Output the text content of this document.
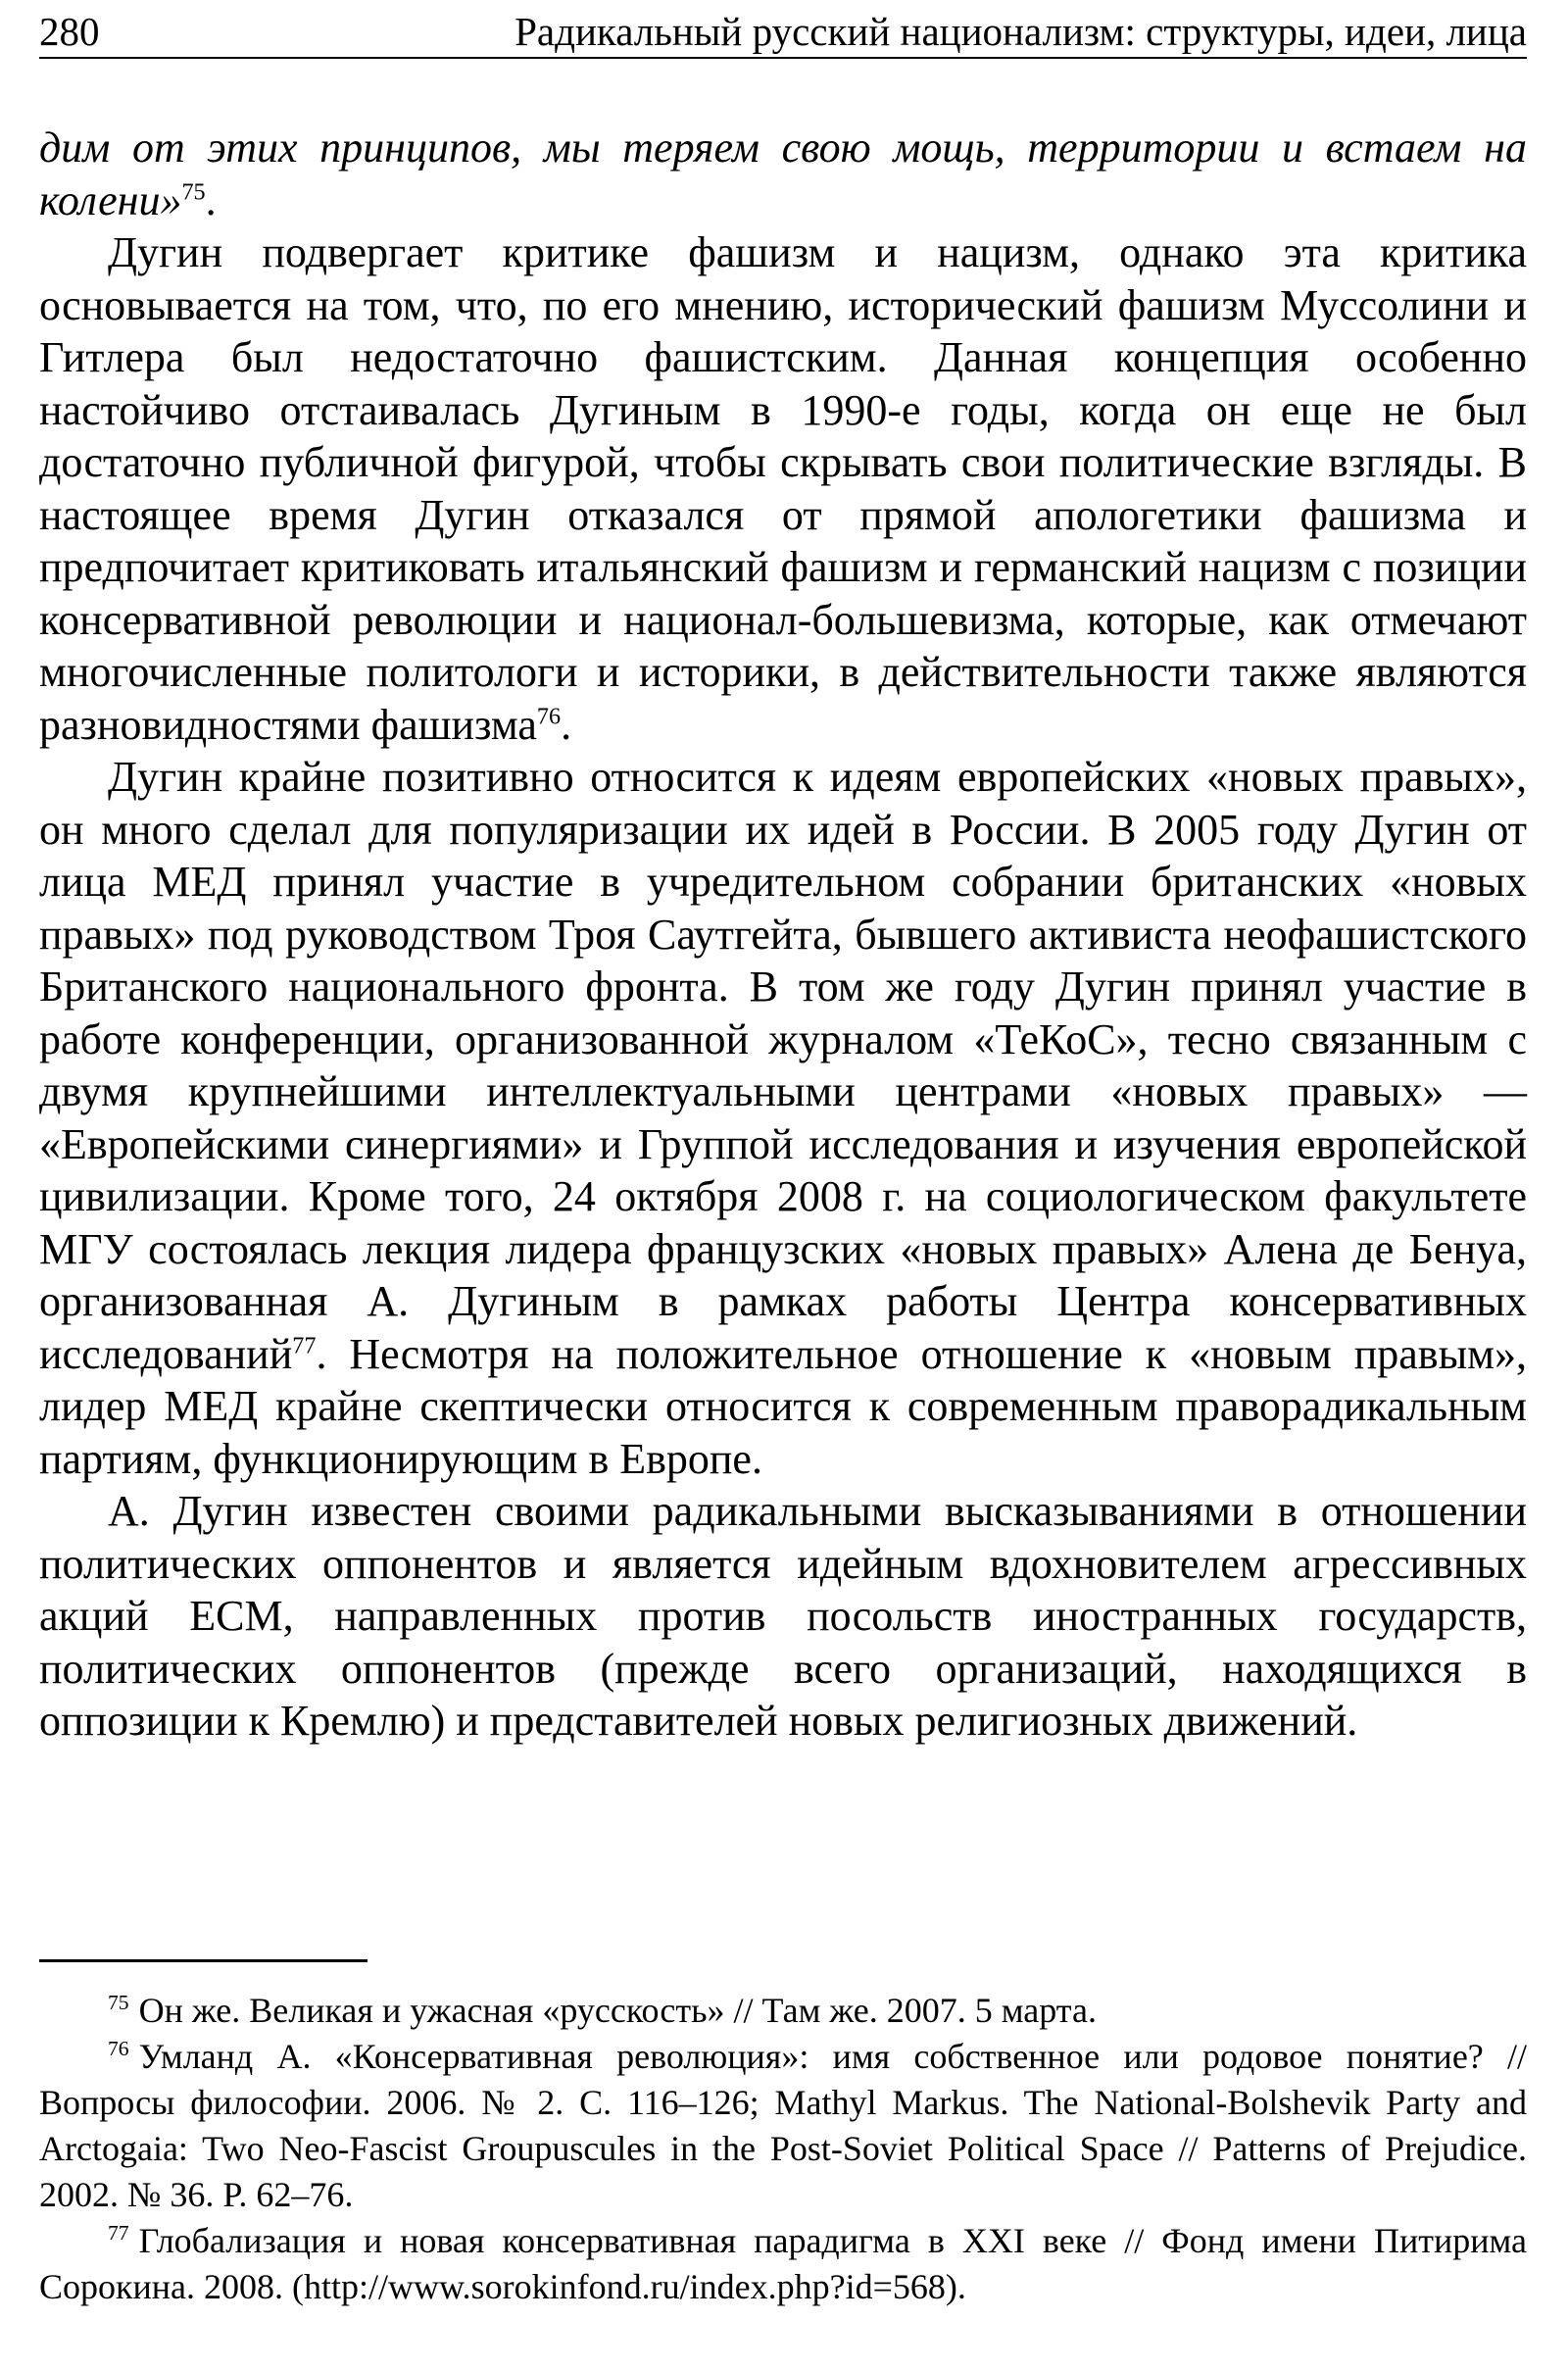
280	Радикальный русский национализм: структуры, идеи, лица

дим от этих принципов, мы теряем свою мощь, территории и встаем на колени»$^{75}$.

Дугин подвергает критике фашизм и нацизм, однако эта критика основывается на том, что, по его мнению, исторический фашизм Муссолини и Гитлера был недостаточно фашистским. Данная концепция особенно настойчиво отстаивалась Дугиным в 1990-е годы, когда он еще не был достаточно публичной фигурой, чтобы скрывать свои политические взгляды. В настоящее время Дугин отказался от прямой апологетики фашизма и предпочитает критиковать итальянский фашизм и германский нацизм с позиции консервативной революции и национал-большевизма, которые, как отмечают многочисленные политологи и историки, в действительности также являются разновидностями фашизма$^{76}$.

Дугин крайне позитивно относится к идеям европейских «новых правых», он много сделал для популяризации их идей в России. В 2005 году Дугин от лица МЕД принял участие в учредительном собрании британских «новых правых» под руководством Троя Саутгейта, бывшего активиста неофашистского Британского национального фронта. В том же году Дугин принял участие в работе конференции, организованной журналом «ТеКоС», тесно связанным с двумя крупнейшими интеллектуальными центрами «новых правых» — «Европейскими синергиями» и Группой исследования и изучения европейской цивилизации. Кроме того, 24 октября 2008 г. на социологическом факультете МГУ состоялась лекция лидера французских «новых правых» Алена де Бенуа, организованная А. Дугиным в рамках работы Центра консервативных исследований$^{77}$. Несмотря на положительное отношение к «новым правым», лидер МЕД крайне скептически относится к современным праворадикальным партиям, функционирующим в Европе.

А. Дугин известен своими радикальными высказываниями в отношении политических оппонентов и является идейным вдохновителем агрессивных акций ЕСМ, направленных против посольств иностранных государств, политических оппонентов (прежде всего организаций, находящихся в оппозиции к Кремлю) и представителей новых религиозных движений.

$^{75}$ Он же. Великая и ужасная «русскость» // Там же. 2007. 5 марта.

$^{76}$ Умланд А. «Консервативная революция»: имя собственное или родовое понятие? // Вопросы философии. 2006. № 2. С. 116–126; Mathyl Markus. The National-Bolshevik Party and Arctogaia: Two Neo-Fascist Groupuscules in the Post-Soviet Political Space // Patterns of Prejudice. 2002. № 36. P. 62–76.

$^{77}$ Глобализация и новая консервативная парадигма в XXI веке // Фонд имени Питирима Сорокина. 2008. (http://www.sorokinfond.ru/index.php?id=568).
